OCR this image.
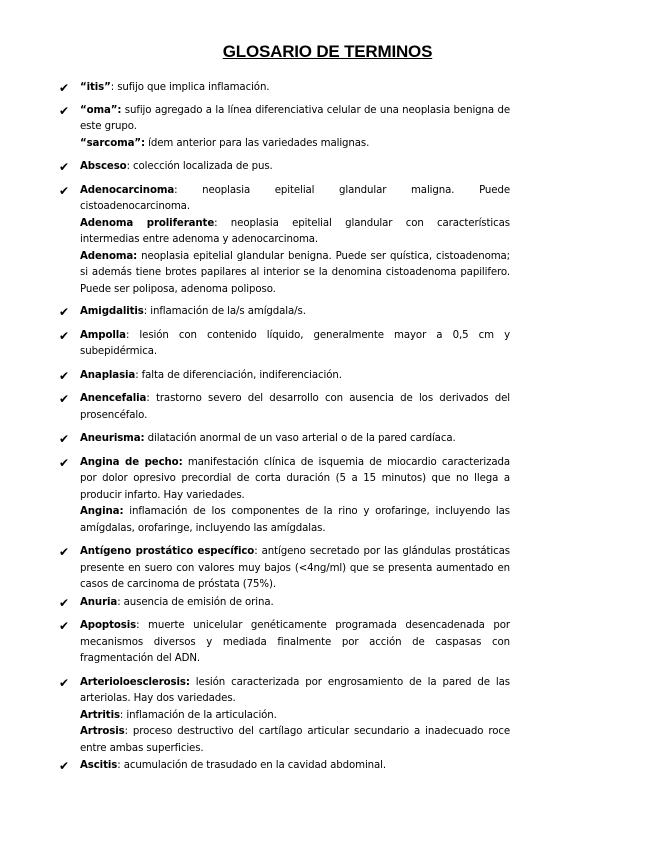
GLOSARIO DE TERMINOS
✔ “itis”: sufijo que implica inflamación.

✔ “oma”: sufijo agregado a la línea diferenciativa celular de una neoplasia benigna de este grupo.

“sarcoma”: ídem anterior para las variedades malignas.

✔ Absceso: colección localizada de pus.

✔ Adenocarcinoma: neoplasia epitelial glandular maligna. Puede cistoadenocarcinoma.

Adenoma proliferante: neoplasia epitelial glandular con características intermedias entre adenoma y adenocarcinoma.

Adenoma: neoplasia epitelial glandular benigna. Puede ser quística, cistoadenoma; si además tiene brotes papilares al interior se la denomina cistoadenoma papilifero. Puede ser poliposa, adenoma poliposo.

✔ Amigdalitis: inflamación de la/s amígdala/s.

✔ Ampolla: lesión con contenido líquido, generalmente mayor a 0,5 cm y subepidérmica.

✔ Anaplasia: falta de diferenciación, indiferenciación.

✔ Anencefalia: trastorno severo del desarrollo con ausencia de los derivados del prosencéfalo.

✔ Aneurisma: dilatación anormal de un vaso arterial o de la pared cardíaca.

✔ Angina de pecho: manifestación clínica de isquemia de miocardio caracterizada por dolor opresivo precordial de corta duración (5 a 15 minutos) que no llega a producir infarto. Hay variedades.

Angina: inflamación de los componentes de la rino y orofaringe, incluyendo las amígdalas, orofaringe, incluyendo las amígdalas.

✔ Antígeno prostático específico: antígeno secretado por las glándulas prostáticas presente en suero con valores muy bajos (<4ng/ml) que se presenta aumentado en casos de carcinoma de próstata (75%).

✔ Anuria: ausencia de emisión de orina.

✔ Apoptosis: muerte unicelular genéticamente programada desencadenada por mecanismos diversos y mediada finalmente por acción de caspasas con fragmentación del ADN.

✔ Arterioloesclerosis: lesión caracterizada por engrosamiento de la pared de las arteriolas. Hay dos variedades.

Artritis: inflamación de la articulación.

Artrosis: proceso destructivo del cartílago articular secundario a inadecuado roce entre ambas superficies.

✔ Ascitis: acumulación de trasudado en la cavidad abdominal.
